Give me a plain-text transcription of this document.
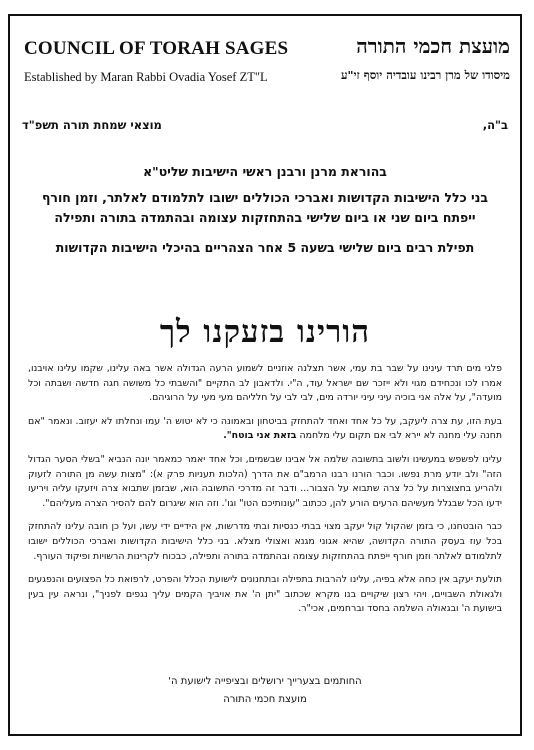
COUNCIL OF TORAH SAGES
Established by Maran Rabbi Ovadia Yosef ZT"L
מועצת חכמי התורה
מיסודו של מרן רבינו עובדיה יוסף זי"ע
ב"ה,
מוצאי שמחת תורה תשפ"ד
בהוראת מרנן ורבנן ראשי הישיבות שליט"א
בני כלל הישיבות הקדושות ואברכי הכוללים ישובו לתלמודם לאלתר, וזמן חורף
ייפתח ביום שני או ביום שלישי בהתחזקות עצומה ובהתמדה בתורה ותפילה
תפילת רבים ביום שלישי בשעה 5 אחר הצהריים בהיכלי הישיבות הקדושות
הורינו בזעקנו לך

פלגי מים תרד עינינו על שבר בת עמי, אשר תצלנה אוזניים לשמוע הרעה הגדולה אשר באה עלינו, שקמו עלינו אויבנו, אמרו לכו ונכחידם מגוי ולא ייזכר שם ישראל עוד, ה"י. ולדאבון לב התקיים "והשבתי כל משושה חגה חדשה ושבתה וכל מועדה", על אלה אני בוכיה עיני עיני יורדה מים, לבי לבי על חלליהם מעי מעי על הרוגיהם.

בעת הזו, עת צרה ליעקב, על כל אחד ואחד להתחזק בביטחון ובאמונה כי לא יטוש ה' עמו ונחלתו לא יעזוב. ונאמר "אם תחנה עלי מחנה לא יירא לבי אם תקום עלי מלחמה בזאת אני בוטח".

עלינו לפשפש במעשינו ולשוב בתשובה שלמה אל אבינו שבשמים, וכל אחד יאמר כמאמר יונה הנביא "בשלי הסער הגדול הזה" ולב יודע מרת נפשו. וכבר הורנו רבנו הרמב"ם את הדרך (הלכות תעניות פרק א): "מצות עשה מן התורה לזעוק ולהריע בחצוצרות על כל צרה שתבוא על הצבור... ודבר זה מדרכי התשובה הוא, שבזמן שתבוא צרה ויזעקו עליה ויריעו ידעו הכל שבגלל מעשיהם הרעים הורע להן, ככתוב "עונותיכם הטו" וגו'. וזה הוא שיגרום להם להסיר הצרה מעליהם".

כבר הובטחנו, כי בזמן שהקול קול יעקב מצוי בבתי כנסיות ובתי מדרשות, אין הידיים ידי עשו, ועל כן חובה עלינו להתחזק בכל עוז בעסק התורה הקדושה, שהיא אגוני מגנא ואצולי מצלא. בני כלל הישיבות הקדושות ואברכי הכוללים ישובו לתלמודם לאלתר וזמן חורף ייפתח בהתחזקות עצומה ובהתמדה בתורה ותפילה, כבכוח לקרינות הרשויות ופיקוד העורף.

תולעת יעקב אין כחה אלא בפיה, עלינו להרבות בתפילה ובתחנונים לישועת הכלל והפרט, לרפואת כל הפצועים והנפגעים ולגאולת השבויים, ויהי רצון שיקויים בנו מקרא שכתוב "יתן ה' את אויביך הקמים עליך נגפים לפניך", ונראה עין בעין בישועת ה' ובגאולה השלמה בחסד וברחמים, אכי"ר.

החותמים בצערייך ירושלים ובציפייה לישועת ה'
מועצת חכמי התורה
